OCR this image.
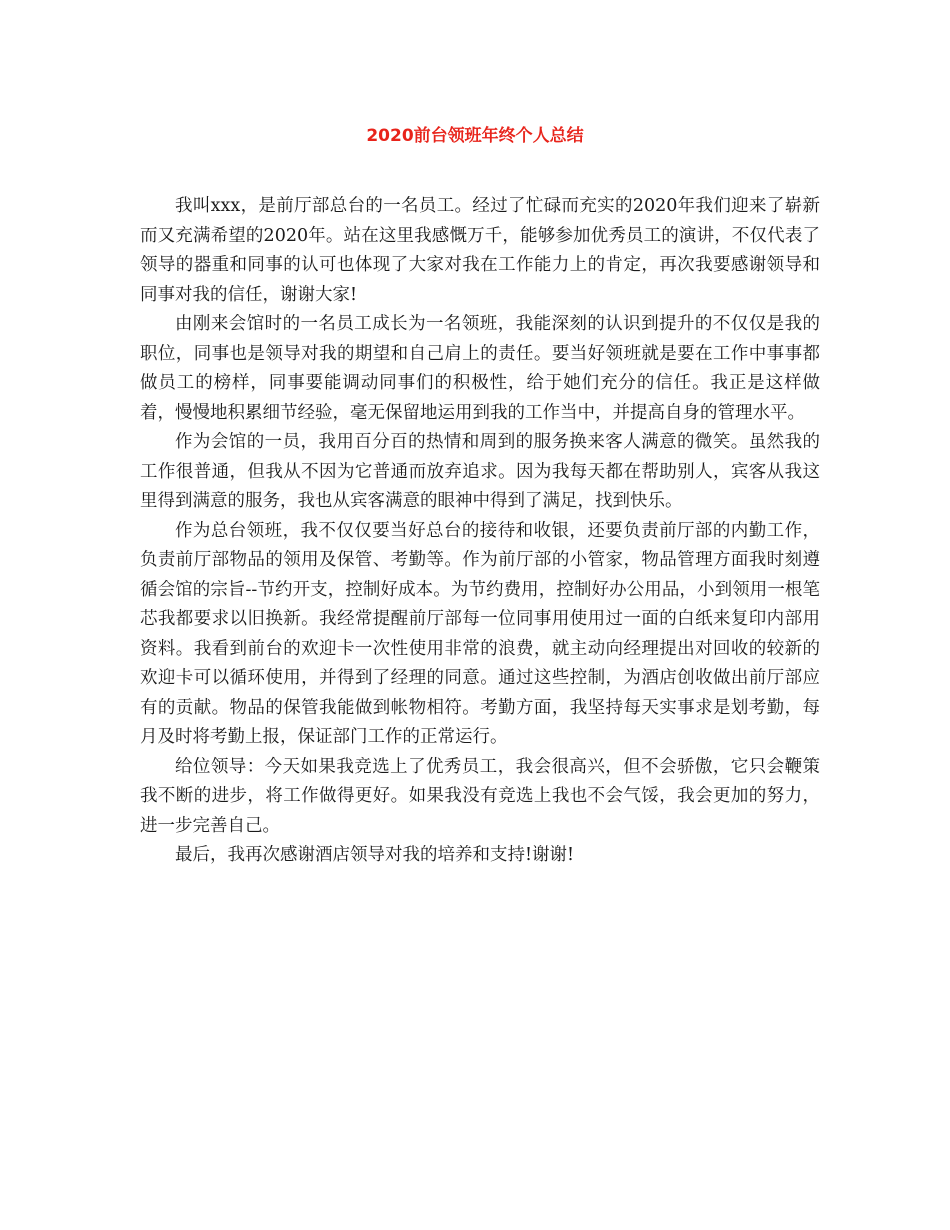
2020前台领班年终个人总结

我叫xxx，是前厅部总台的一名员工。经过了忙碌而充实的2020年我们迎来了崭新而又充满希望的2020年。站在这里我感慨万千，能够参加优秀员工的演讲，不仅代表了领导的器重和同事的认可也体现了大家对我在工作能力上的肯定，再次我要感谢领导和同事对我的信任，谢谢大家!

由刚来会馆时的一名员工成长为一名领班，我能深刻的认识到提升的不仅仅是我的职位，同事也是领导对我的期望和自己肩上的责任。要当好领班就是要在工作中事事都做员工的榜样，同事要能调动同事们的积极性，给于她们充分的信任。我正是这样做着，慢慢地积累细节经验，毫无保留地运用到我的工作当中，并提高自身的管理水平。

作为会馆的一员，我用百分百的热情和周到的服务换来客人满意的微笑。虽然我的工作很普通，但我从不因为它普通而放弃追求。因为我每天都在帮助别人，宾客从我这里得到满意的服务，我也从宾客满意的眼神中得到了满足，找到快乐。

作为总台领班，我不仅仅要当好总台的接待和收银，还要负责前厅部的内勤工作，负责前厅部物品的领用及保管、考勤等。作为前厅部的小管家，物品管理方面我时刻遵循会馆的宗旨--节约开支，控制好成本。为节约费用，控制好办公用品，小到领用一根笔芯我都要求以旧换新。我经常提醒前厅部每一位同事用使用过一面的白纸来复印内部用资料。我看到前台的欢迎卡一次性使用非常的浪费，就主动向经理提出对回收的较新的欢迎卡可以循环使用，并得到了经理的同意。通过这些控制，为酒店创收做出前厅部应有的贡献。物品的保管我能做到帐物相符。考勤方面，我坚持每天实事求是划考勤，每月及时将考勤上报，保证部门工作的正常运行。

给位领导：今天如果我竞选上了优秀员工，我会很高兴，但不会骄傲，它只会鞭策我不断的进步，将工作做得更好。如果我没有竞选上我也不会气馁，我会更加的努力，进一步完善自己。

最后，我再次感谢酒店领导对我的培养和支持!谢谢!
